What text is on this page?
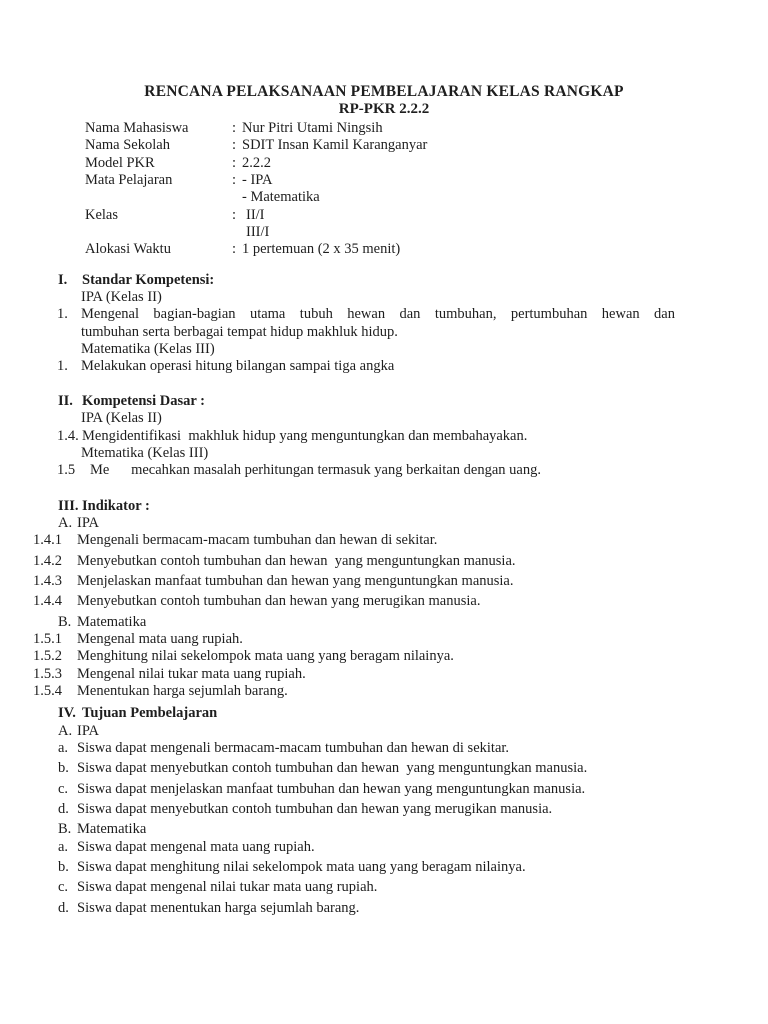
RENCANA PELAKSANAAN PEMBELAJARAN KELAS RANGKAP
RP-PKR 2.2.2
Nama Mahasiswa	: Nur Pitri Utami Ningsih
Nama Sekolah	: SDIT Insan Kamil Karanganyar
Model PKR	: 2.2.2
Mata Pelajaran	: - IPA
- Matematika
Kelas	: II/I
III/I
Alokasi Waktu	: 1 pertemuan (2 x 35 menit)
I.	Standar Kompetensi:
IPA (Kelas II)
1. Mengenal bagian-bagian utama tubuh hewan dan tumbuhan, pertumbuhan hewan dan
tumbuhan serta berbagai tempat hidup makhluk hidup.
Matematika (Kelas III)
1. Melakukan operasi hitung bilangan sampai tiga angka
II. Kompetensi Dasar :
IPA (Kelas II)
1.4. Mengidentifikasi  makhluk hidup yang menguntungkan dan membahayakan.
Mtematika (Kelas III)
1.5	Me      mecahkan masalah perhitungan termasuk yang berkaitan dengan uang.
III. Indikator :
A. IPA
1.4.1	Mengenali bermacam-macam tumbuhan dan hewan di sekitar.
1.4.2	Menyebutkan contoh tumbuhan dan hewan  yang menguntungkan manusia.
1.4.3	Menjelaskan manfaat tumbuhan dan hewan yang menguntungkan manusia.
1.4.4	Menyebutkan contoh tumbuhan dan hewan yang merugikan manusia.
B. Matematika
1.5.1	Mengenal mata uang rupiah.
1.5.2	Menghitung nilai sekelompok mata uang yang beragam nilainya.
1.5.3	Mengenal nilai tukar mata uang rupiah.
1.5.4	Menentukan harga sejumlah barang.
IV. Tujuan Pembelajaran
A. IPA
a. Siswa dapat mengenali bermacam-macam tumbuhan dan hewan di sekitar.
b. Siswa dapat menyebutkan contoh tumbuhan dan hewan  yang menguntungkan manusia.
c. Siswa dapat menjelaskan manfaat tumbuhan dan hewan yang menguntungkan manusia.
d. Siswa dapat menyebutkan contoh tumbuhan dan hewan yang merugikan manusia.
B. Matematika
a. Siswa dapat mengenal mata uang rupiah.
b. Siswa dapat menghitung nilai sekelompok mata uang yang beragam nilainya.
c. Siswa dapat mengenal nilai tukar mata uang rupiah.
d. Siswa dapat menentukan harga sejumlah barang.
